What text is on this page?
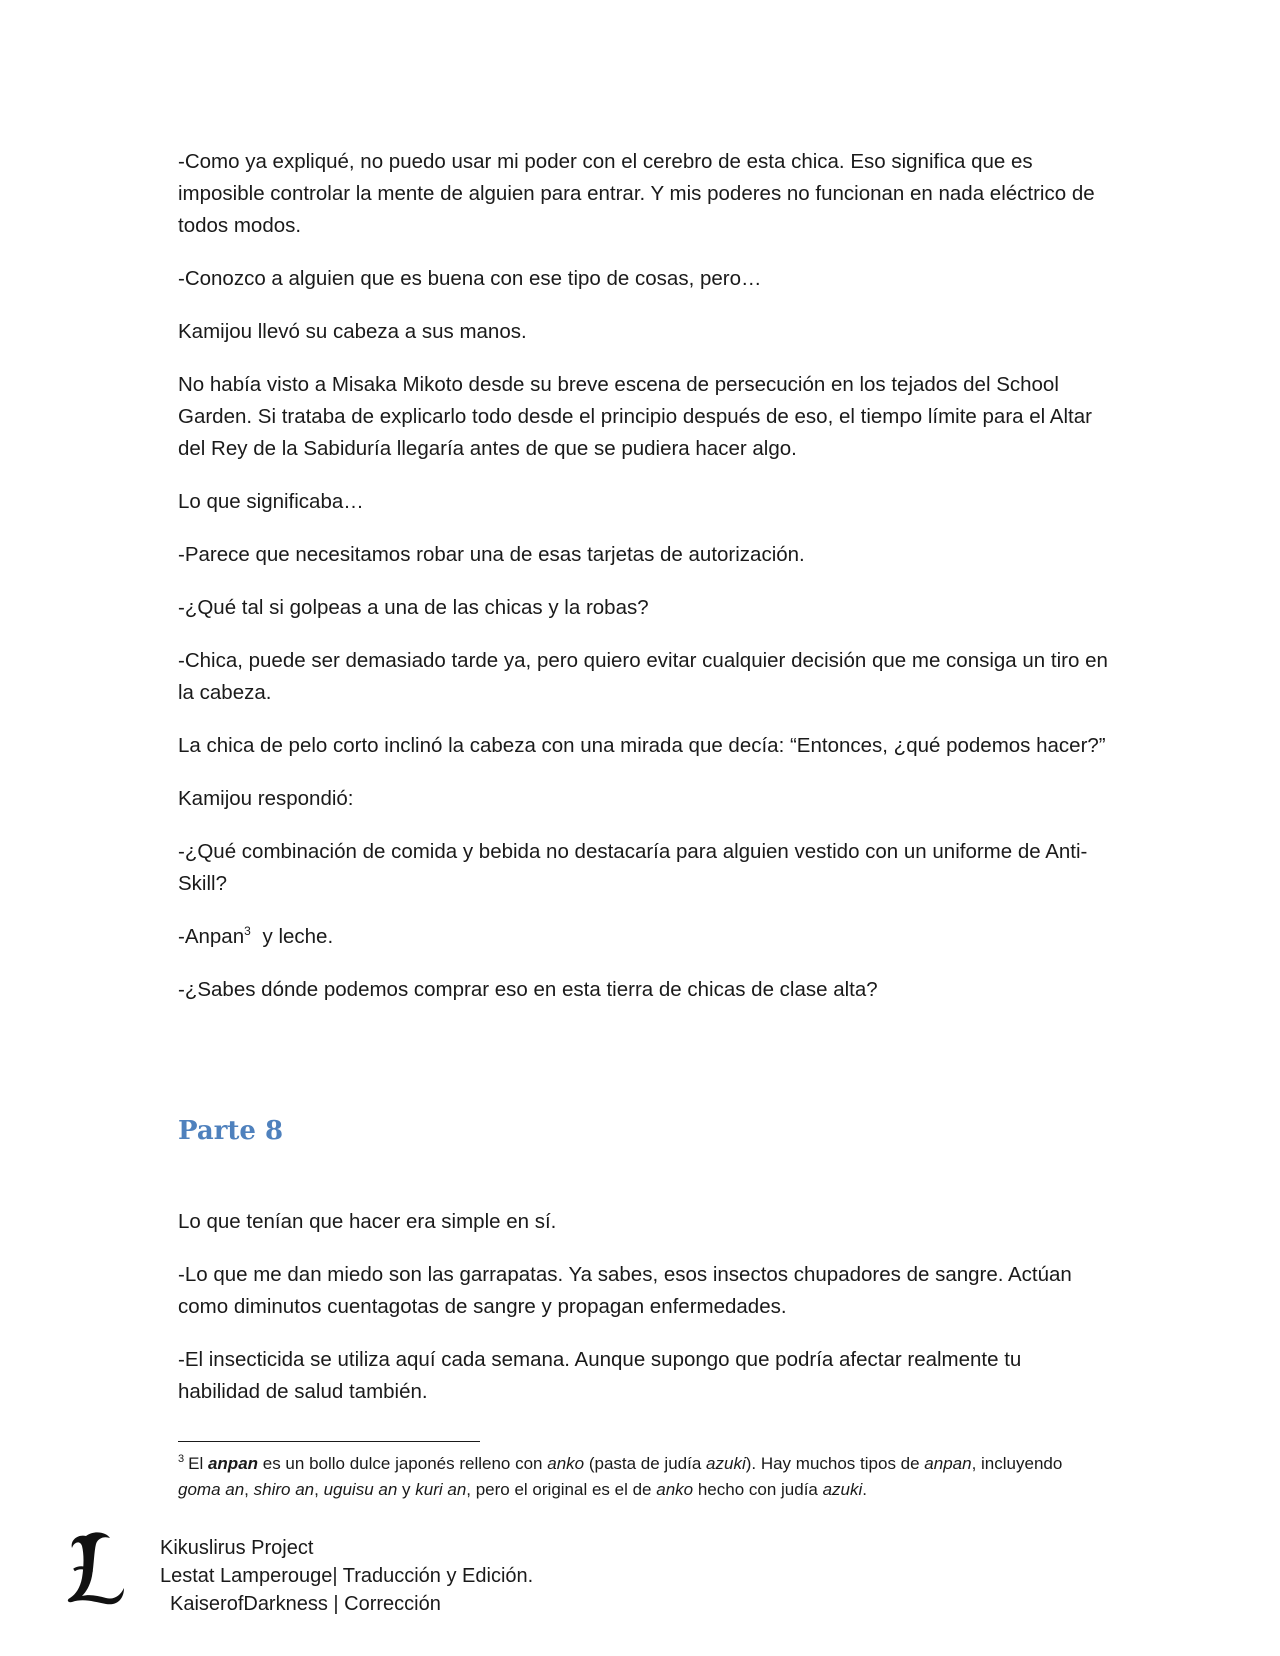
-Como ya expliqué, no puedo usar mi poder con el cerebro de esta chica. Eso significa que es imposible controlar la mente de alguien para entrar. Y mis poderes no funcionan en nada eléctrico de todos modos.

-Conozco a alguien que es buena con ese tipo de cosas, pero…

Kamijou llevó su cabeza a sus manos.

No había visto a Misaka Mikoto desde su breve escena de persecución en los tejados del School Garden. Si trataba de explicarlo todo desde el principio después de eso, el tiempo límite para el Altar del Rey de la Sabiduría llegaría antes de que se pudiera hacer algo.

Lo que significaba…

-Parece que necesitamos robar una de esas tarjetas de autorización.

-¿Qué tal si golpeas a una de las chicas y la robas?

-Chica, puede ser demasiado tarde ya, pero quiero evitar cualquier decisión que me consiga un tiro en la cabeza.

La chica de pelo corto inclinó la cabeza con una mirada que decía: “Entonces, ¿qué podemos hacer?”

Kamijou respondió:

-¿Qué combinación de comida y bebida no destacaría para alguien vestido con un uniforme de Anti-Skill?

-Anpan$^3$ y leche.

-¿Sabes dónde podemos comprar eso en esta tierra de chicas de clase alta?

Parte 8

Lo que tenían que hacer era simple en sí.

-Lo que me dan miedo son las garrapatas. Ya sabes, esos insectos chupadores de sangre. Actúan como diminutos cuentagotas de sangre y propagan enfermedades.

-El insecticida se utiliza aquí cada semana. Aunque supongo que podría afectar realmente tu habilidad de salud también.

$^3$ El anpan es un bollo dulce japonés relleno con anko (pasta de judía azuki). Hay muchos tipos de anpan, incluyendo goma an, shiro an, uguisu an y kuri an, pero el original es el de anko hecho con judía azuki.

Kikuslirus Project
Lestat Lamperouge| Traducción y Edición.
KaiserofDarkness | Corrección
